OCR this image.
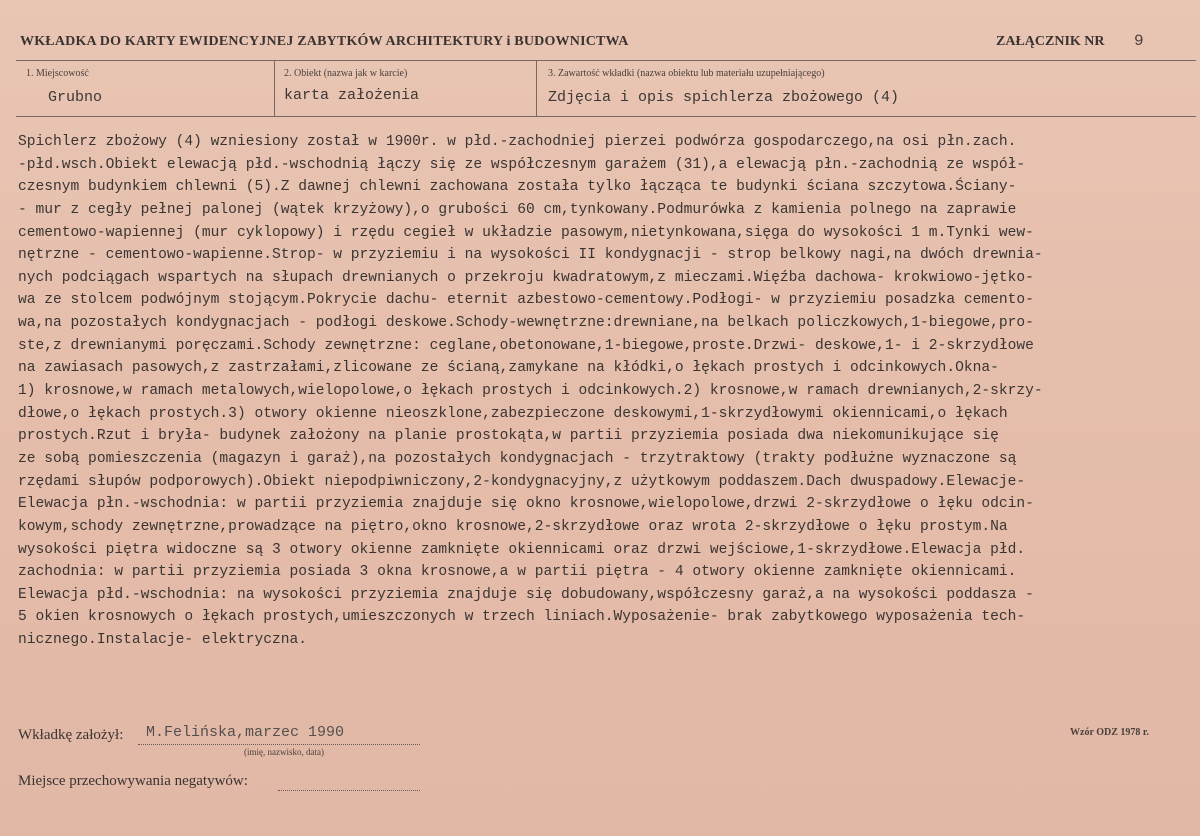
WKŁADKA DO KARTY EWIDENCYJNEJ ZABYTKÓW ARCHITEKTURY i BUDOWNICTWA	ZAŁĄCZNIK NR 9
1. Miejscowość
Grubno
2. Obiekt (nazwa jak w karcie)
karta założenia
3. Zawartość wkładki (nazwa obiektu lub materiału uzupełniającego)
Zdjęcia i opis spichlerza zbożowego (4)
Spichlerz zbożowy (4) wzniesiony został w 1900r. w płd.-zachodniej pierzei podwórza gospodarczego,na osi płn.zach.
-płd.wsch.Obiekt elewacją płd.-wschodnią łączy się ze współczesnym garażem (31),a elewacją płn.-zachodnią ze współ-
czesnym budynkiem chlewni (5).Z dawnej chlewni zachowana została tylko łącząca te budynki ściana szczytowa.Ściany-
- mur z cegły pełnej palonej (wątek krzyżowy),o grubości 60 cm,tynkowany.Podmurówka z kamienia polnego na zaprawie
cementowo-wapiennej (mur cyklopowy) i rzędu cegieł w układzie pasowym,nietynkowana,sięga do wysokości 1 m.Tynki wew-
nętrzne - cementowo-wapienne.Strop- w przyziemiu i na wysokości II kondygnacji - strop belkowy nagi,na dwóch drewnia-
nych podciągach wspartych na słupach drewnianych o przekroju kwadratowym,z mieczami.Więźba dachowa- krokwiowo-jętko-
wa ze stolcem podwójnym stojącym.Pokrycie dachu- eternit azbestowo-cementowy.Podłogi- w przyziemiu posadzka cemento-
wa,na pozostałych kondygnacjach - podłogi deskowe.Schody-wewnętrzne:drewniane,na belkach policzkowych,1-biegowe,pro-
ste,z drewnianymi poręczami.Schody zewnętrzne: ceglane,obetonowane,1-biegowe,proste.Drzwi- deskowe,1- i 2-skrzydłowe
na zawiasach pasowych,z zastrzałami,zlicowane ze ścianą,zamykane na kłódki,o łękach prostych i odcinkowych.Okna-
1) krosnowe,w ramach metalowych,wielopolowe,o łękach prostych i odcinkowych.2) krosnowe,w ramach drewnianych,2-skrzy-
dłowe,o łękach prostych.3) otwory okienne nieoszklone,zabezpieczone deskowymi,1-skrzydłowymi okiennicami,o łękach
prostych.Rzut i bryła- budynek założony na planie prostokąta,w partii przyziemia posiada dwa niekomunikujące się
ze sobą pomieszczenia (magazyn i garaż),na pozostałych kondygnacjach - trzytraktowy (trakty podłużne wyznaczone są
rzędami słupów podporowych).Obiekt niepodpiwniczony,2-kondygnacyjny,z użytkowym poddaszem.Dach dwuspadowy.Elewacje-
Elewacja płn.-wschodnia: w partii przyziemia znajduje się okno krosnowe,wielopolowe,drzwi 2-skrzydłowe o łęku odcin-
kowym,schody zewnętrzne,prowadzące na piętro,okno krosnowe,2-skrzydłowe oraz wrota 2-skrzydłowe o łęku prostym.Na
wysokości piętra widoczne są 3 otwory okienne zamknięte okiennicami oraz drzwi wejściowe,1-skrzydłowe.Elewacja płd.
zachodnia: w partii przyziemia posiada 3 okna krosnowe,a w partii piętra - 4 otwory okienne zamknięte okiennicami.
Elewacja płd.-wschodnia: na wysokości przyziemia znajduje się dobudowany,współczesny garaż,a na wysokości poddasza -
5 okien krosnowych o łękach prostych,umieszczonych w trzech liniach.Wyposażenie- brak zabytkowego wyposażenia tech-
nicznego.Instalacje- elektryczna.
Wkładkę założył: M.Felińska,marzec 1990
(imię, nazwisko, data)
Wzór ODZ 1978 r.
Miejsce przechowywania negatywów:
